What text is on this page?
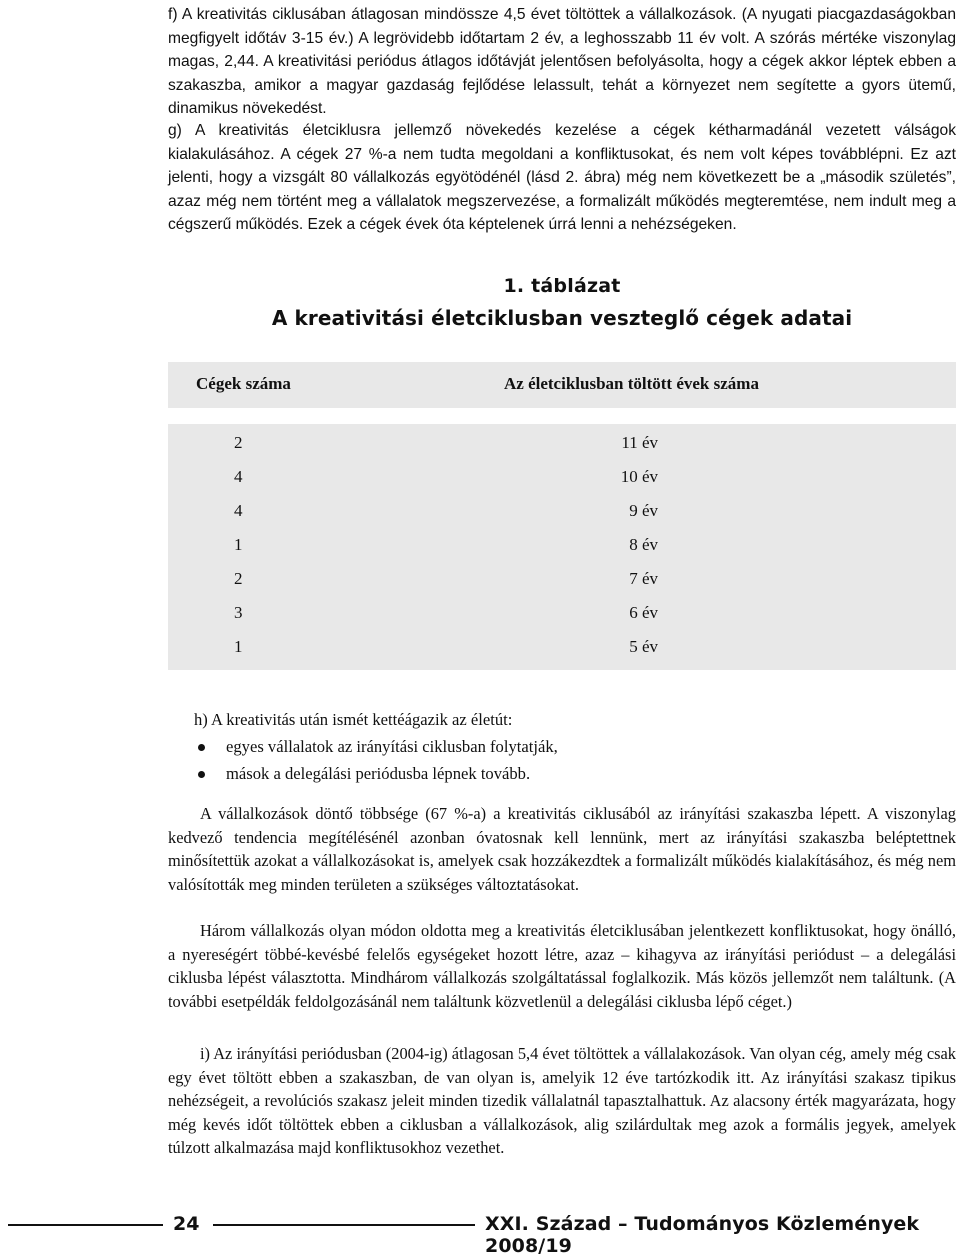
f) A kreativitás ciklusában átlagosan mindössze 4,5 évet töltöttek a vállalkozások. (A nyugati piacgazdaságokban megfigyelt időtáv 3-15 év.) A legrövidebb időtartam 2 év, a leghosszabb 11 év volt. A szórás mértéke viszonylag magas, 2,44. A kreativitási periódus átlagos időtávját jelentősen befolyásolta, hogy a cégek akkor léptek ebben a szakaszba, amikor a magyar gazdaság fejlődése lelassult, tehát a környezet nem segítette a gyors ütemű, dinamikus növekedést.

g) A kreativitás életciklusra jellemző növekedés kezelése a cégek kétharmadánál vezetett válságok kialakulásához. A cégek 27 %-a nem tudta megoldani a konfliktusokat, és nem volt képes továbblépni. Ez azt jelenti, hogy a vizsgált 80 vállalkozás egyötödénél (lásd 2. ábra) még nem következett be a „második születés”, azaz még nem történt meg a vállalatok megszervezése, a formalizált működés megteremtése, nem indult meg a cégszerű működés. Ezek a cégek évek óta képtelenek úrrá lenni a nehézségeken.

1. táblázat
A kreativitási életciklusban veszteglő cégek adatai
Cégek száma	Az életciklusban töltött évek száma
2	11 év
4	10 év
4	9 év
1	8 év
2	7 év
3	6 év
1	5 év
h) A kreativitás után ismét kettéágazik az életút:
egyes vállalatok az irányítási ciklusban folytatják,
mások a delegálási periódusba lépnek tovább.

A vállalkozások döntő többsége (67 %-a) a kreativitás ciklusából az irányítási szakaszba lépett. A viszonylag kedvező tendencia megítélésénél azonban óvatosnak kell lennünk, mert az irányítási szakaszba beléptettnek minősítettük azokat a vállalkozásokat is, amelyek csak hozzákezdtek a formalizált működés kialakításához, és még nem valósították meg minden területen a szükséges változtatásokat.

Három vállalkozás olyan módon oldotta meg a kreativitás életciklusában jelentkezett konfliktusokat, hogy önálló, a nyereségért többé-kevésbé felelős egységeket hozott létre, azaz – kihagyva az irányítási periódust – a delegálási ciklusba lépést választotta. Mindhárom vállalkozás szolgáltatással foglalkozik. Más közös jellemzőt nem találtunk. (A további esetpéldák feldolgozásánál nem találtunk közvetlenül a delegálási ciklusba lépő céget.)

i) Az irányítási periódusban (2004-ig) átlagosan 5,4 évet töltöttek a vállalakozások. Van olyan cég, amely még csak egy évet töltött ebben a szakaszban, de van olyan is, amelyik 12 éve tartózkodik itt. Az irányítási szakasz tipikus nehézségeit, a revolúciós szakasz jeleit minden tizedik vállalatnál tapasztalhattuk. Az alacsony érték magyarázata, hogy még kevés időt töltöttek ebben a ciklusban a vállalkozások, alig szilárdultak meg azok a formális jegyek, amelyek túlzott alkalmazása majd konfliktusokhoz vezethet.

24	XXI. Század – Tudományos Közlemények 2008/19
